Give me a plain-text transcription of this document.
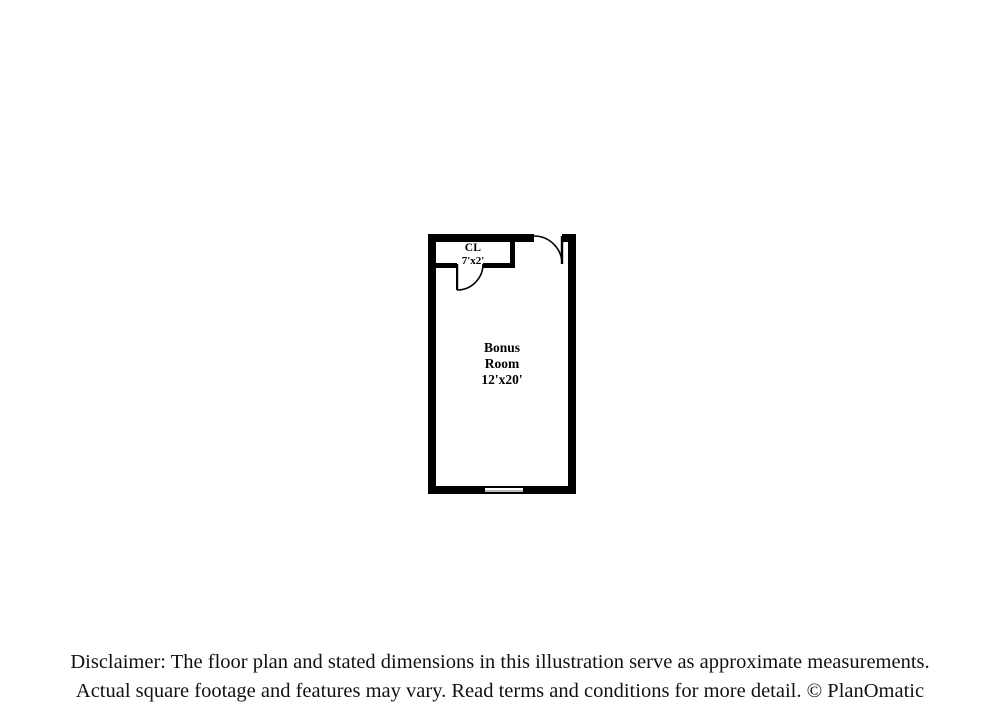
CL
7'x2'
Bonus
Room
12'x20'
Disclaimer: The floor plan and stated dimensions in this illustration serve as approximate measurements.
Actual square footage and features may vary. Read terms and conditions for more detail. © PlanOmatic
